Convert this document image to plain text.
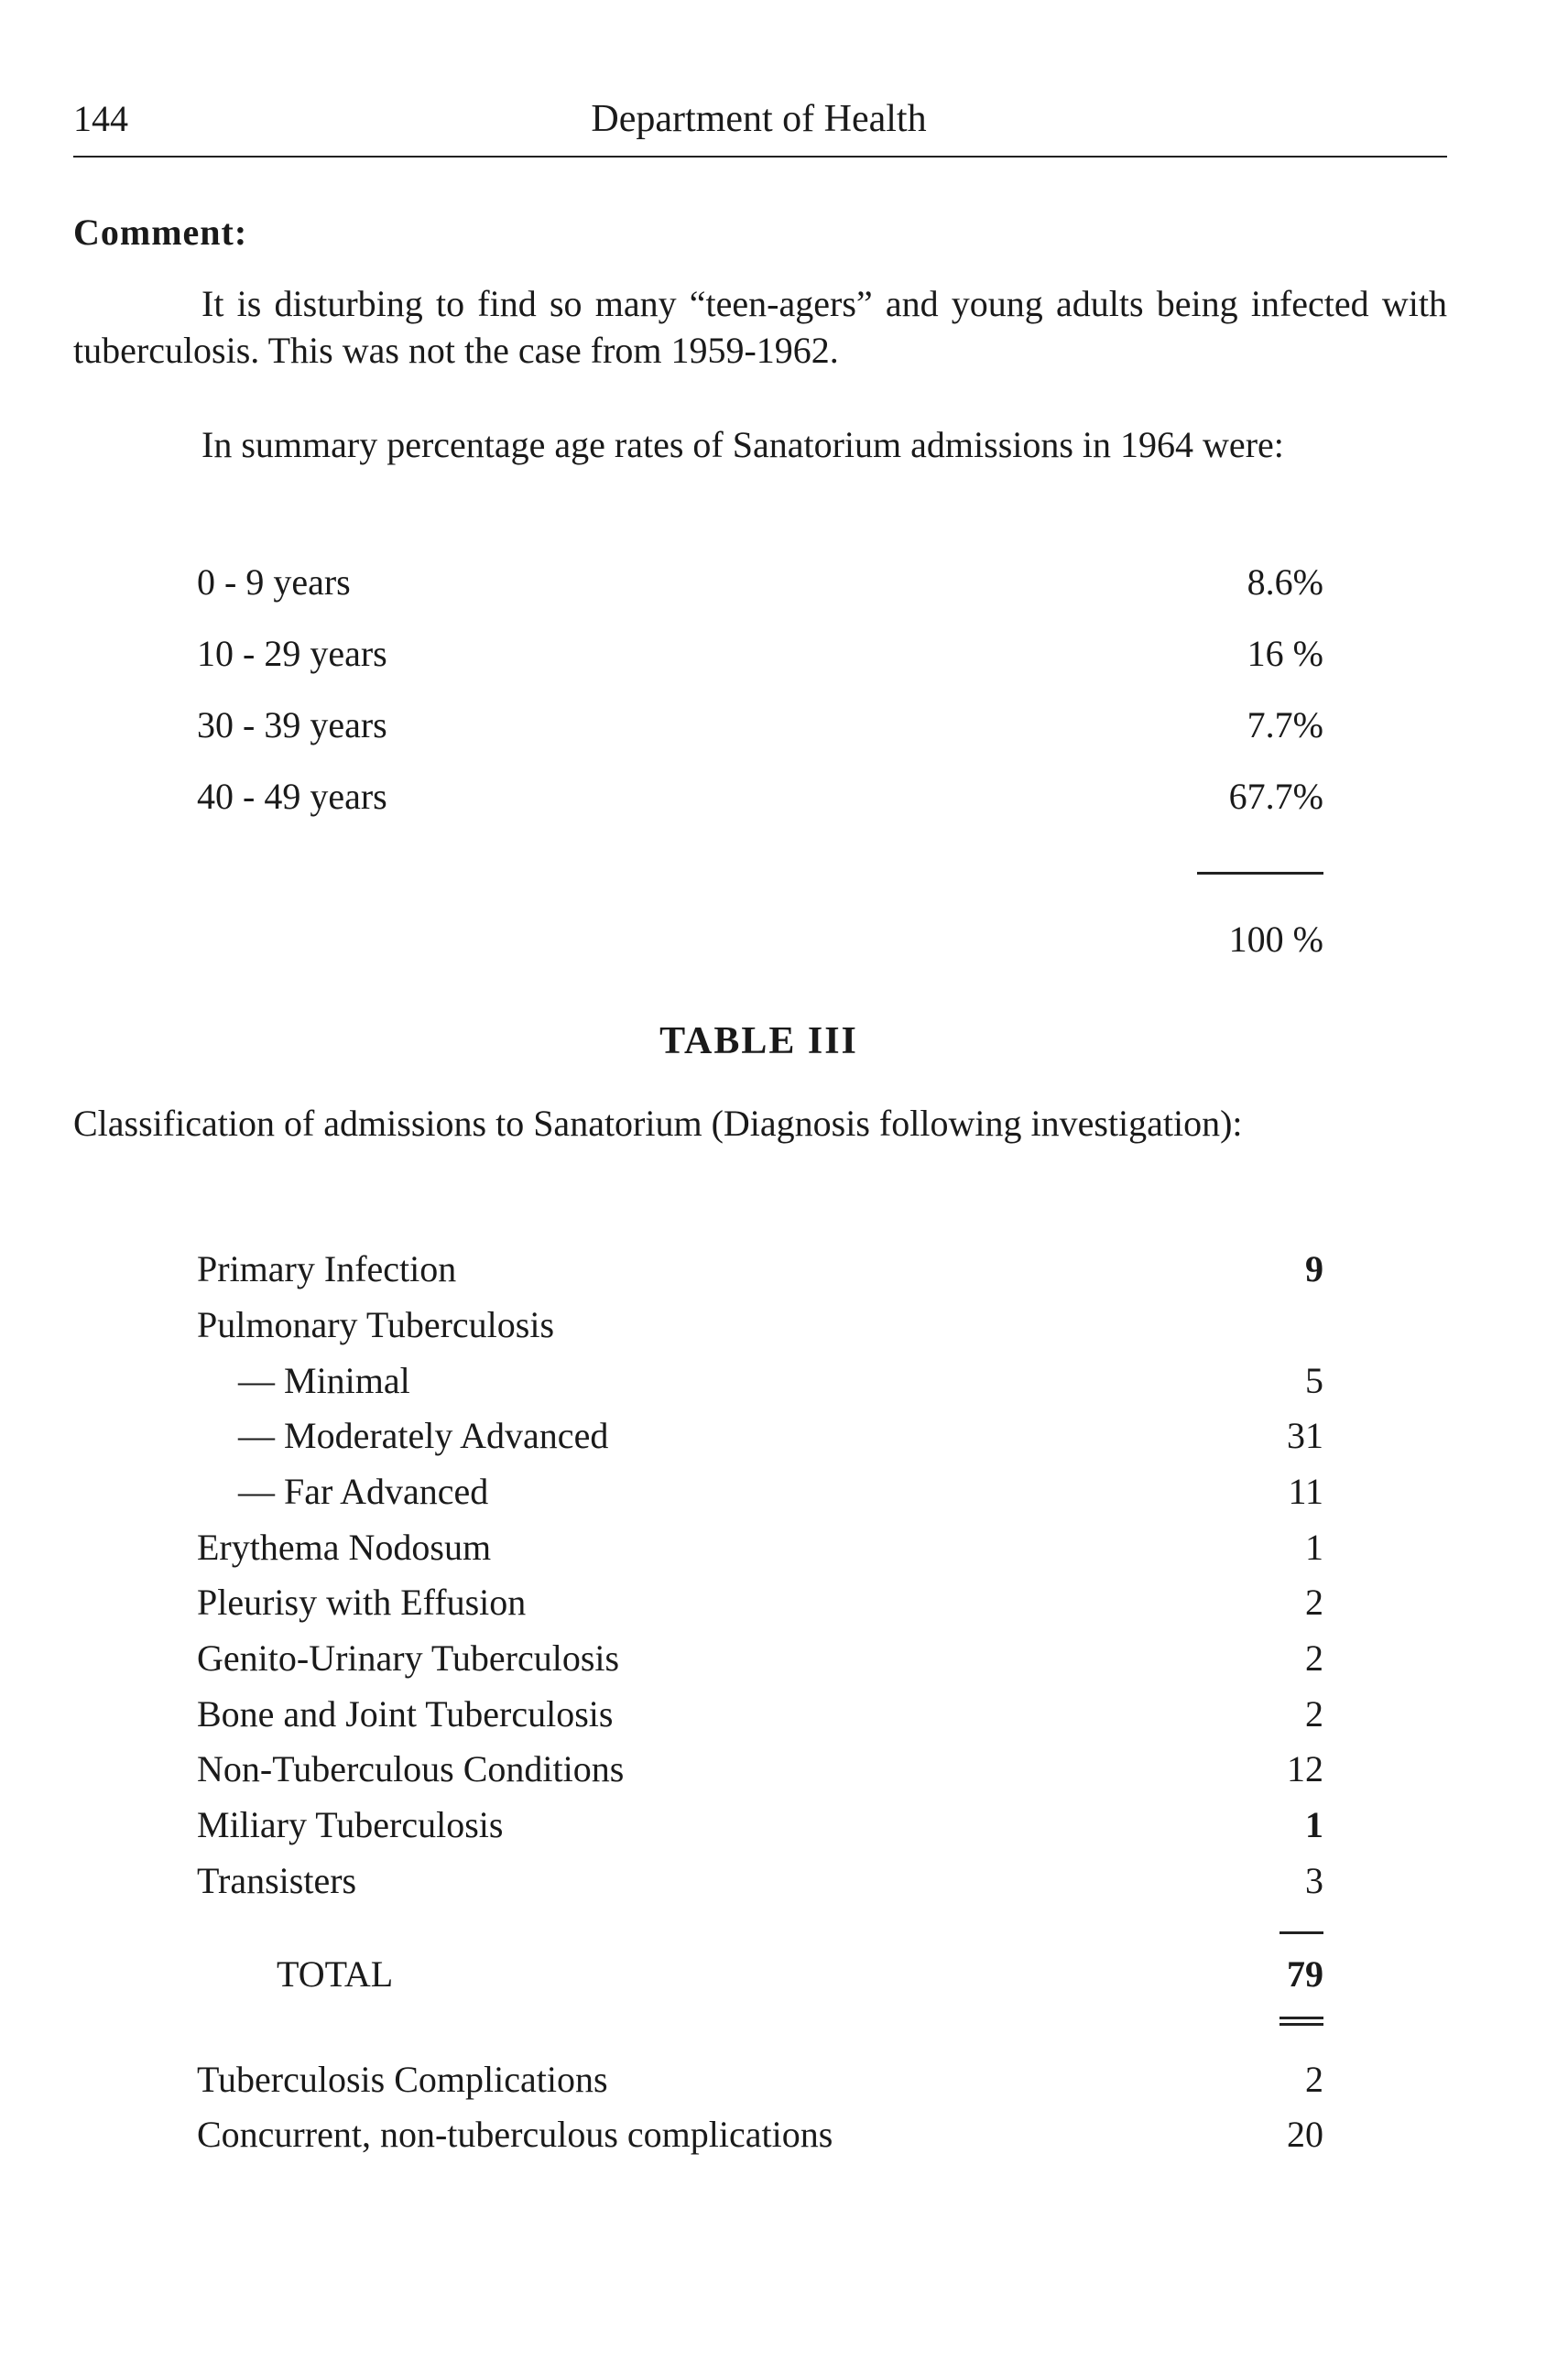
144	Department of Health
Comment:
It is disturbing to find so many “teen-agers” and young adults being infected with tuberculosis. This was not the case from 1959-1962.
In summary percentage age rates of Sanatorium admissions in 1964 were:
0 - 9 years	8.6%
10 - 29 years	16 %
30 - 39 years	7.7%
40 - 49 years	67.7%
100 %
TABLE III
Classification of admissions to Sanatorium (Diagnosis following investigation):
Primary Infection	9
Pulmonary Tuberculosis
— Minimal	5
— Moderately Advanced	31
— Far Advanced	11
Erythema Nodosum	1
Pleurisy with Effusion	2
Genito-Urinary Tuberculosis	2
Bone and Joint Tuberculosis	2
Non-Tuberculous Conditions	12
Miliary Tuberculosis	1
Transisters	3
TOTAL	79
Tuberculosis Complications	2
Concurrent, non-tuberculous complications	20
